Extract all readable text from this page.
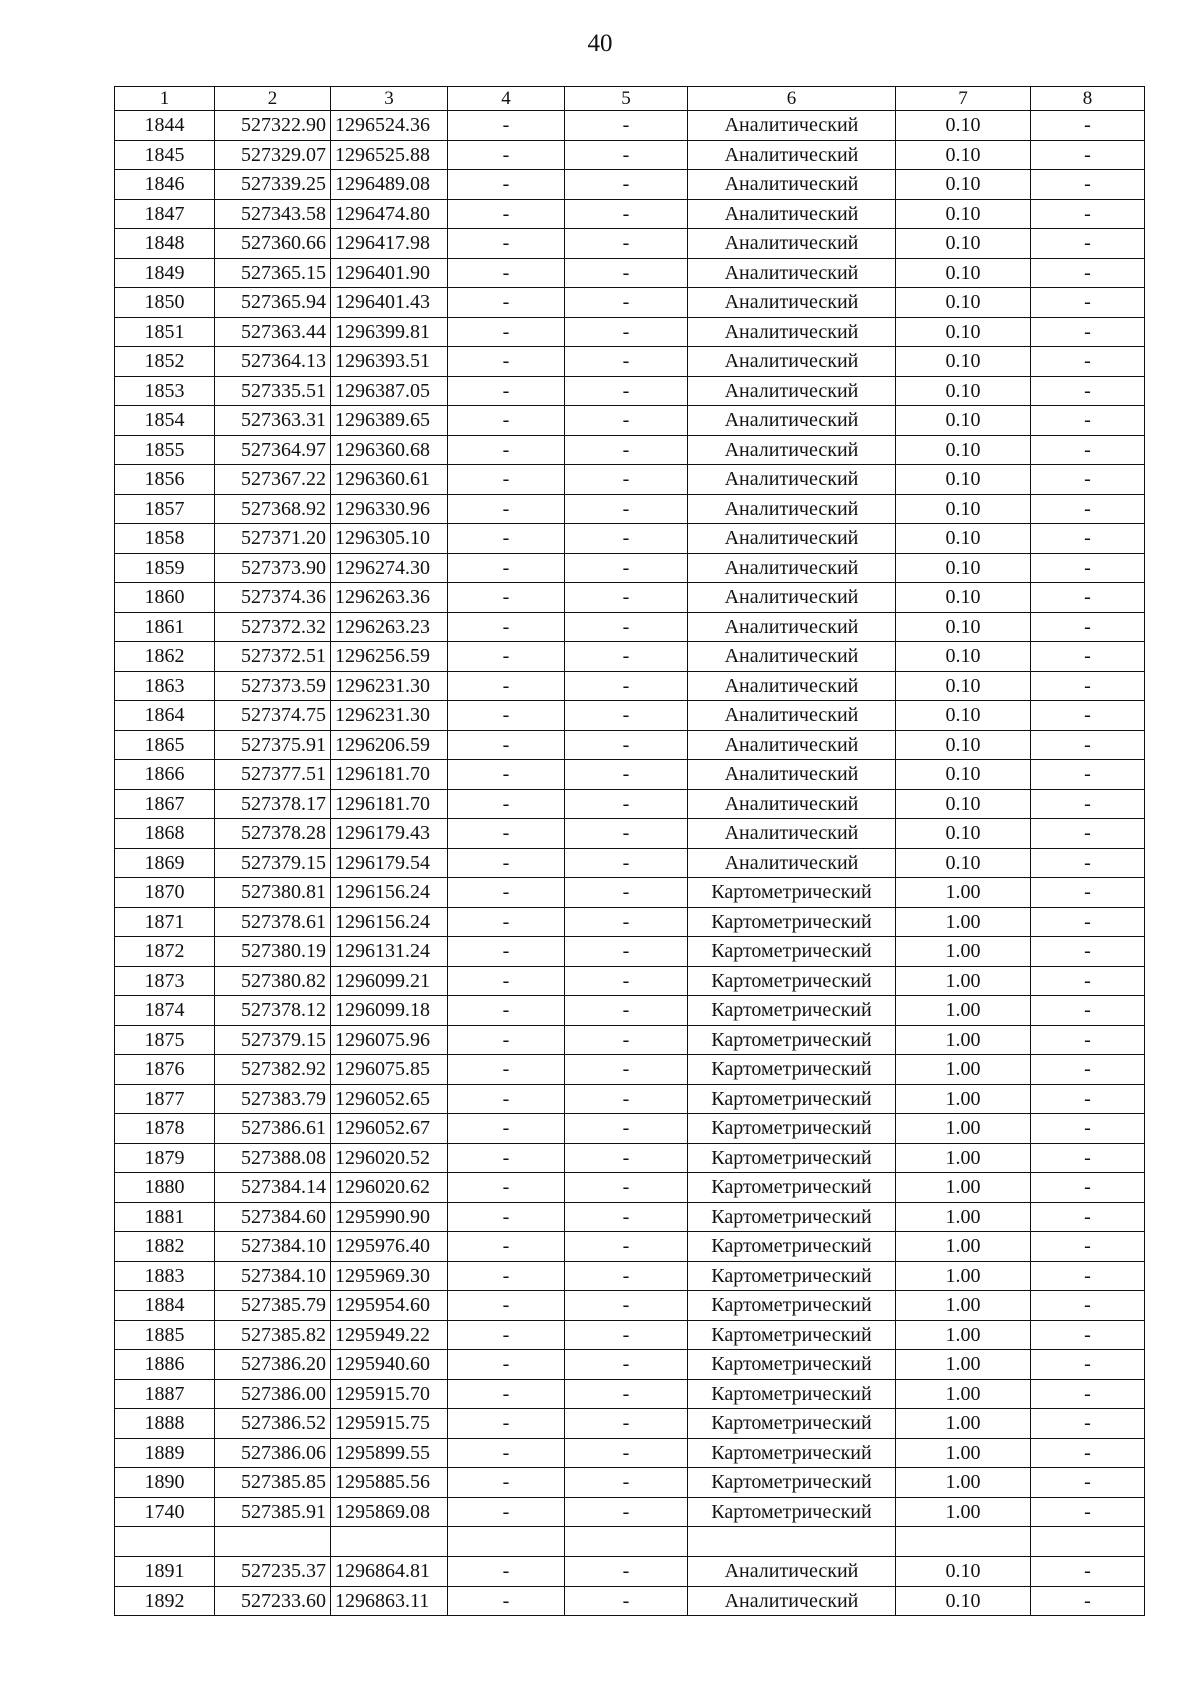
40
1	2	3	4	5	6	7	8
1844	527322.90	1296524.36	-	-	Аналитический	0.10	-
1845	527329.07	1296525.88	-	-	Аналитический	0.10	-
1846	527339.25	1296489.08	-	-	Аналитический	0.10	-
1847	527343.58	1296474.80	-	-	Аналитический	0.10	-
1848	527360.66	1296417.98	-	-	Аналитический	0.10	-
1849	527365.15	1296401.90	-	-	Аналитический	0.10	-
1850	527365.94	1296401.43	-	-	Аналитический	0.10	-
1851	527363.44	1296399.81	-	-	Аналитический	0.10	-
1852	527364.13	1296393.51	-	-	Аналитический	0.10	-
1853	527335.51	1296387.05	-	-	Аналитический	0.10	-
1854	527363.31	1296389.65	-	-	Аналитический	0.10	-
1855	527364.97	1296360.68	-	-	Аналитический	0.10	-
1856	527367.22	1296360.61	-	-	Аналитический	0.10	-
1857	527368.92	1296330.96	-	-	Аналитический	0.10	-
1858	527371.20	1296305.10	-	-	Аналитический	0.10	-
1859	527373.90	1296274.30	-	-	Аналитический	0.10	-
1860	527374.36	1296263.36	-	-	Аналитический	0.10	-
1861	527372.32	1296263.23	-	-	Аналитический	0.10	-
1862	527372.51	1296256.59	-	-	Аналитический	0.10	-
1863	527373.59	1296231.30	-	-	Аналитический	0.10	-
1864	527374.75	1296231.30	-	-	Аналитический	0.10	-
1865	527375.91	1296206.59	-	-	Аналитический	0.10	-
1866	527377.51	1296181.70	-	-	Аналитический	0.10	-
1867	527378.17	1296181.70	-	-	Аналитический	0.10	-
1868	527378.28	1296179.43	-	-	Аналитический	0.10	-
1869	527379.15	1296179.54	-	-	Аналитический	0.10	-
1870	527380.81	1296156.24	-	-	Картометрический	1.00	-
1871	527378.61	1296156.24	-	-	Картометрический	1.00	-
1872	527380.19	1296131.24	-	-	Картометрический	1.00	-
1873	527380.82	1296099.21	-	-	Картометрический	1.00	-
1874	527378.12	1296099.18	-	-	Картометрический	1.00	-
1875	527379.15	1296075.96	-	-	Картометрический	1.00	-
1876	527382.92	1296075.85	-	-	Картометрический	1.00	-
1877	527383.79	1296052.65	-	-	Картометрический	1.00	-
1878	527386.61	1296052.67	-	-	Картометрический	1.00	-
1879	527388.08	1296020.52	-	-	Картометрический	1.00	-
1880	527384.14	1296020.62	-	-	Картометрический	1.00	-
1881	527384.60	1295990.90	-	-	Картометрический	1.00	-
1882	527384.10	1295976.40	-	-	Картометрический	1.00	-
1883	527384.10	1295969.30	-	-	Картометрический	1.00	-
1884	527385.79	1295954.60	-	-	Картометрический	1.00	-
1885	527385.82	1295949.22	-	-	Картометрический	1.00	-
1886	527386.20	1295940.60	-	-	Картометрический	1.00	-
1887	527386.00	1295915.70	-	-	Картометрический	1.00	-
1888	527386.52	1295915.75	-	-	Картометрический	1.00	-
1889	527386.06	1295899.55	-	-	Картометрический	1.00	-
1890	527385.85	1295885.56	-	-	Картометрический	1.00	-
1740	527385.91	1295869.08	-	-	Картометрический	1.00	-

1891	527235.37	1296864.81	-	-	Аналитический	0.10	-
1892	527233.60	1296863.11	-	-	Аналитический	0.10	-
